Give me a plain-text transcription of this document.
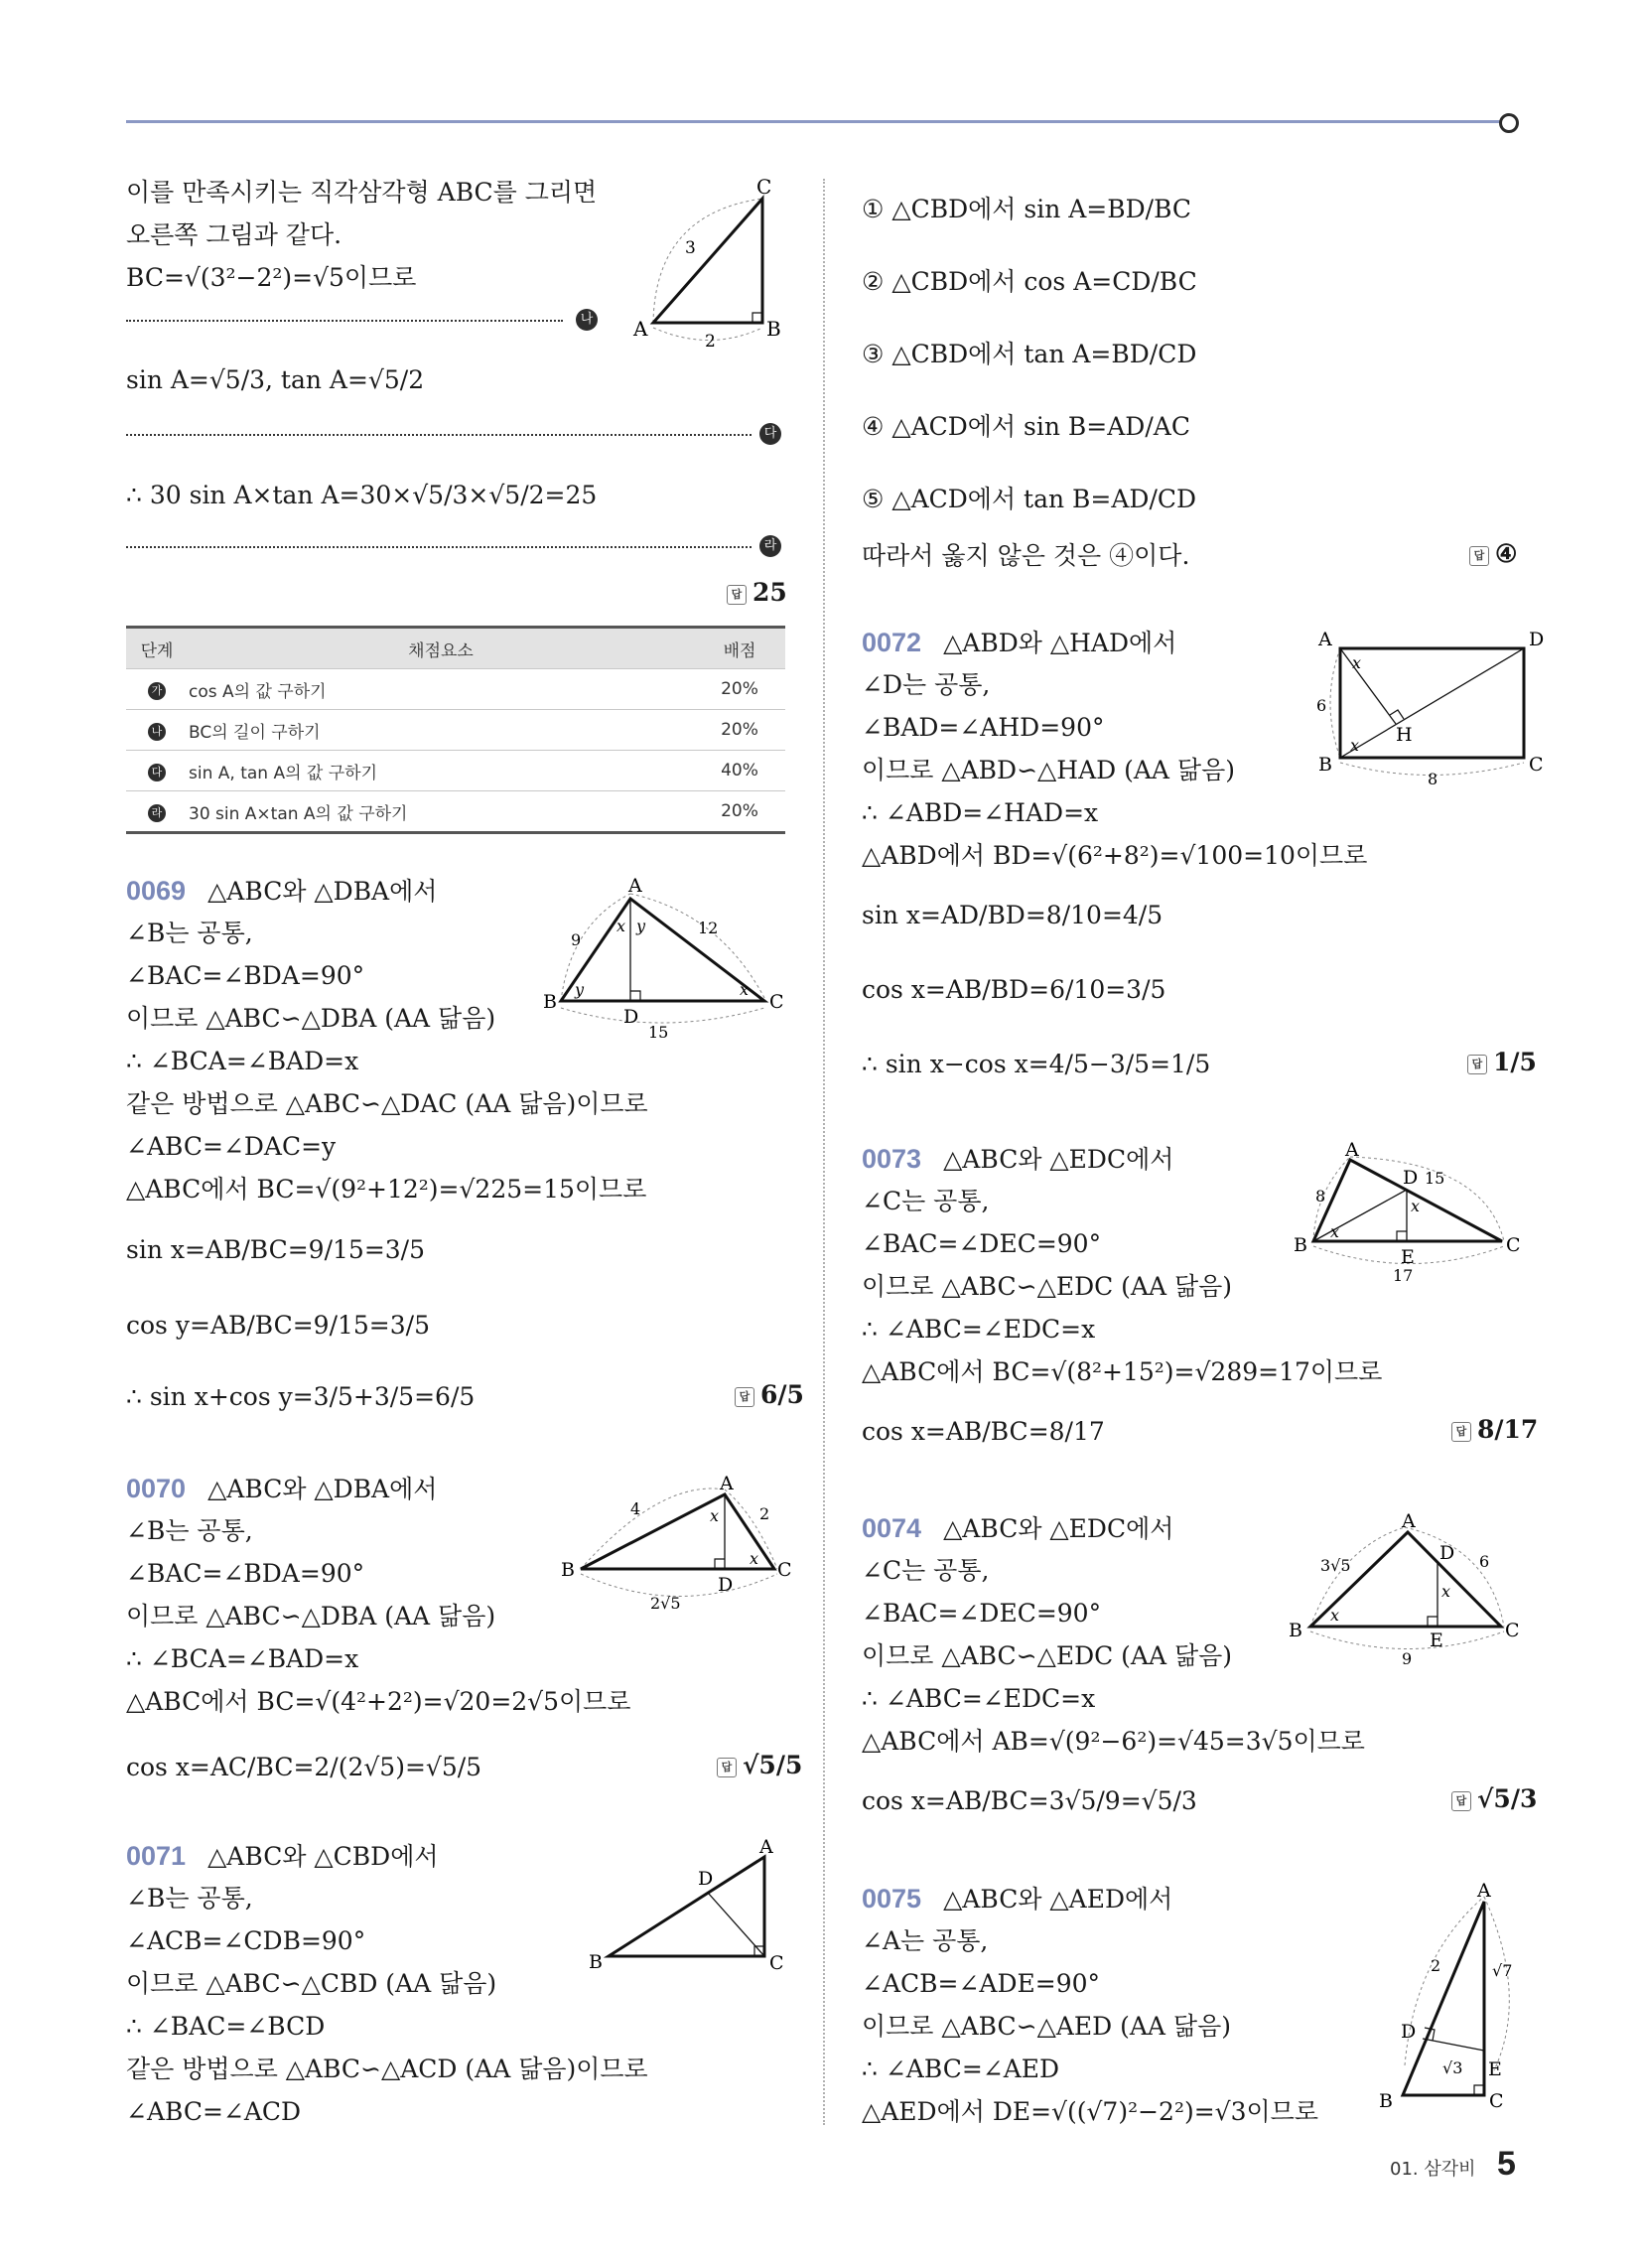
이를 만족시키는 직각삼각형 ABC를 그리면
오른쪽 그림과 같다.
BC=√(3²−2²)=√5이므로
나
sin A=√5/3, tan A=√5/2
다
∴ 30 sin A×tan A=30×√5/3×√5/2=25
라
답 25
A	B
C
3
2
단계	채점요소	배점
가	cos A의 값 구하기	20%
나	BC의 길이 구하기	20%
다	sin A, tan A의 값 구하기	40%
라	30 sin A×tan A의 값 구하기	20%
0069 △ABC와 △DBA에서
∠B는 공통,
∠BAC=∠BDA=90°
이므로 △ABC∽△DBA (AA 닮음)
∴ ∠BCA=∠BAD=x
같은 방법으로 △ABC∽△DAC (AA 닮음)이므로
∠ABC=∠DAC=y
△ABC에서 BC=√(9²+12²)=√225=15이므로
sin x=AB/BC=9/15=3/5
cos y=AB/BC=9/15=3/5
∴ sin x+cos y=3/5+3/5=6/5	답 6/5
A
B	C
D
9
12
15
x y
y	x
0070 △ABC와 △DBA에서
∠B는 공통,
∠BAC=∠BDA=90°
이므로 △ABC∽△DBA (AA 닮음)
∴ ∠BCA=∠BAD=x
△ABC에서 BC=√(4²+2²)=√20=2√5이므로
cos x=AC/BC=2/(2√5)=√5/5	답 √5/5
A
B	C
D
4	2
2√5
x
x
0071 △ABC와 △CBD에서
∠B는 공통,
∠ACB=∠CDB=90°
이므로 △ABC∽△CBD (AA 닮음)
∴ ∠BAC=∠BCD
같은 방법으로 △ABC∽△ACD (AA 닮음)이므로
∠ABC=∠ACD
A
B	C
D
① △CBD에서 sin A=BD/BC
② △CBD에서 cos A=CD/BC
③ △CBD에서 tan A=BD/CD
④ △ACD에서 sin B=AD/AC
⑤ △ACD에서 tan B=AD/CD
따라서 옳지 않은 것은 ④이다.	답 ④
0072 △ABD와 △HAD에서
∠D는 공통,
∠BAD=∠AHD=90°
이므로 △ABD∽△HAD (AA 닮음)
∴ ∠ABD=∠HAD=x
△ABD에서 BD=√(6²+8²)=√100=10이므로
sin x=AD/BD=8/10=4/5
cos x=AB/BD=6/10=3/5
∴ sin x−cos x=4/5−3/5=1/5	답 1/5
A
B	C
D
H
6
8
x
x
0073 △ABC와 △EDC에서
∠C는 공통,
∠BAC=∠DEC=90°
이므로 △ABC∽△EDC (AA 닮음)
∴ ∠ABC=∠EDC=x
△ABC에서 BC=√(8²+15²)=√289=17이므로
cos x=AB/BC=8/17	답 8/17
A
B	C
D
E
8
15
17
x
x
0074 △ABC와 △EDC에서
∠C는 공통,
∠BAC=∠DEC=90°
이므로 △ABC∽△EDC (AA 닮음)
∴ ∠ABC=∠EDC=x
△ABC에서 AB=√(9²−6²)=√45=3√5이므로
cos x=AB/BC=3√5/9=√5/3	답 √5/3
A
B	C
D
E
3√5	6
9
x
x
0075 △ABC와 △AED에서
∠A는 공통,
∠ACB=∠ADE=90°
이므로 △ABC∽△AED (AA 닮음)
∴ ∠ABC=∠AED
△AED에서 DE=√((√7)²−2²)=√3이므로
A
B	C
D
E
2	√7
√3
01. 삼각비 5
